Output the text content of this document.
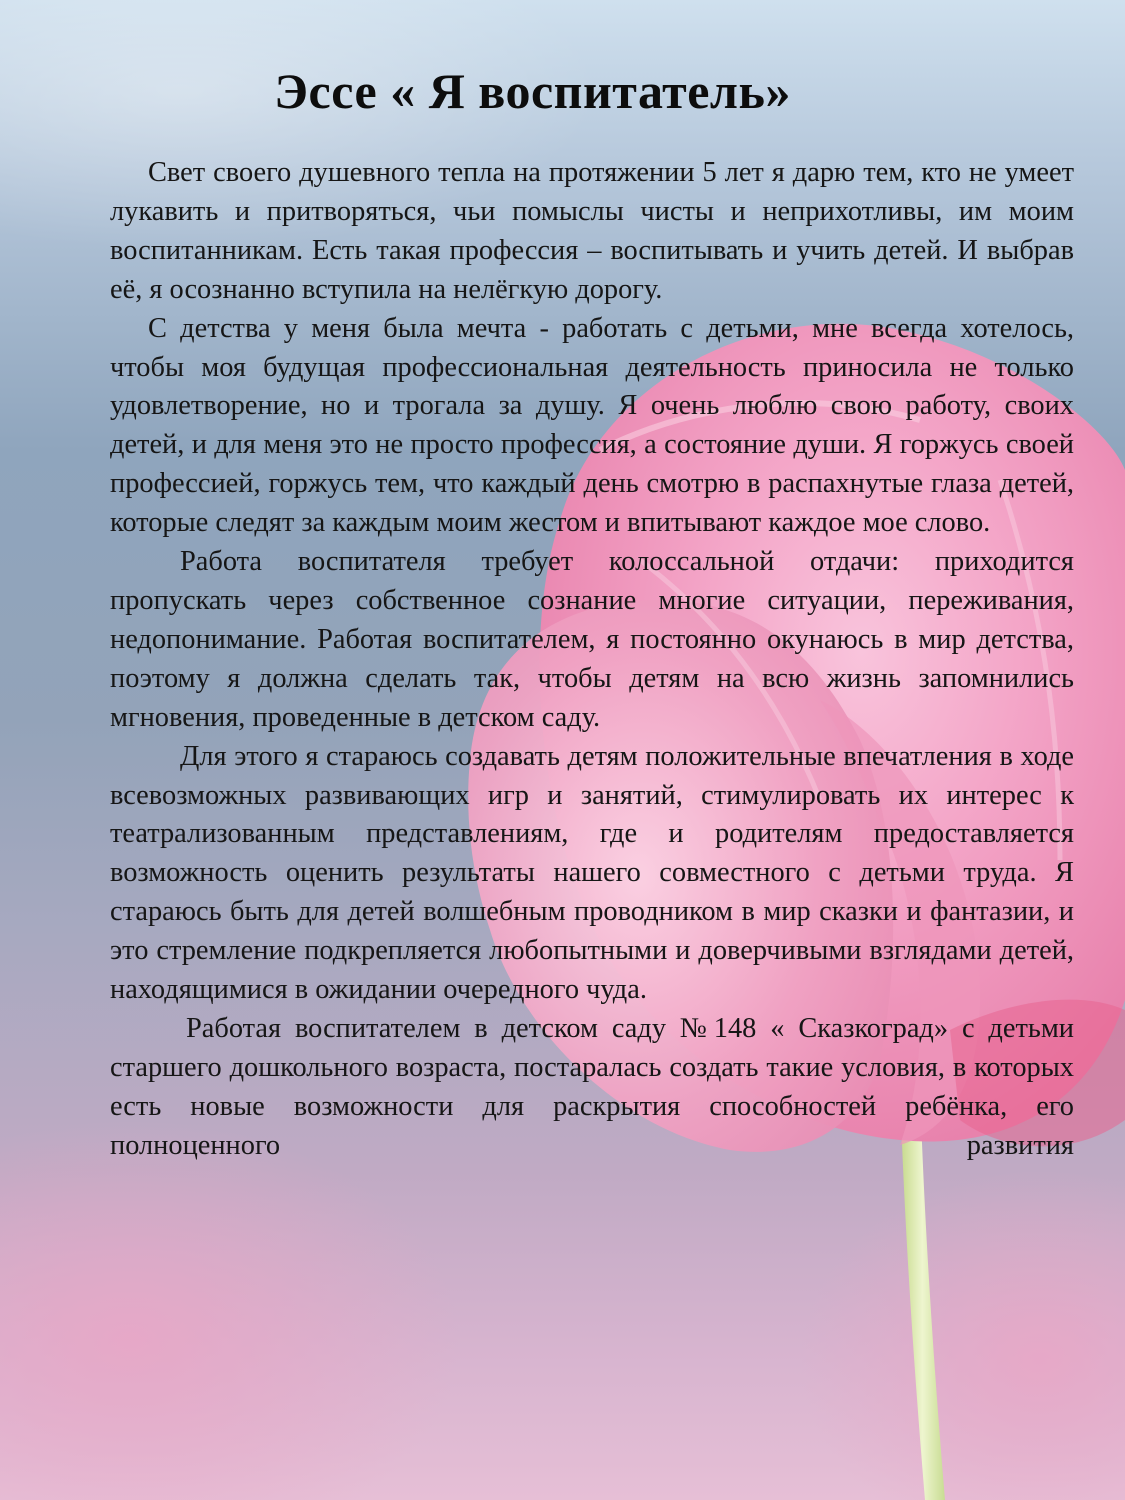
Эссе « Я воспитатель»

Свет своего душевного тепла на протяжении 5 лет я дарю тем, кто не умеет лукавить и притворяться, чьи помыслы чисты и неприхотливы, им моим воспитанникам. Есть такая профессия – воспитывать и учить детей. И выбрав её, я осознанно вступила на нелёгкую дорогу.

С детства у меня была мечта - работать с детьми, мне всегда хотелось, чтобы моя будущая профессиональная деятельность приносила не только удовлетворение, но и трогала за душу. Я очень люблю свою работу, своих детей, и для меня это не просто профессия, а состояние души. Я горжусь своей профессией, горжусь тем, что каждый день смотрю в распахнутые глаза детей, которые следят за каждым моим жестом и впитывают каждое мое слово.

Работа воспитателя требует колоссальной отдачи: приходится пропускать через собственное сознание многие ситуации, переживания, недопонимание. Работая воспитателем, я постоянно окунаюсь в мир детства, поэтому я должна сделать так, чтобы детям на всю жизнь запомнились мгновения, проведенные в детском саду.

Для этого я стараюсь создавать детям положительные впечатления в ходе всевозможных развивающих игр и занятий, стимулировать их интерес к театрализованным представлениям, где и родителям предоставляется возможность оценить результаты нашего совместного с детьми труда. Я стараюсь быть для детей волшебным проводником в мир сказки и фантазии, и это стремление подкрепляется любопытными и доверчивыми взглядами детей, находящимися в ожидании очередного чуда.

Работая воспитателем в детском саду №148 « Сказкоград» с детьми старшего дошкольного возраста, постаралась создать такие условия, в которых есть новые возможности для раскрытия способностей ребёнка, его полноценного развития
